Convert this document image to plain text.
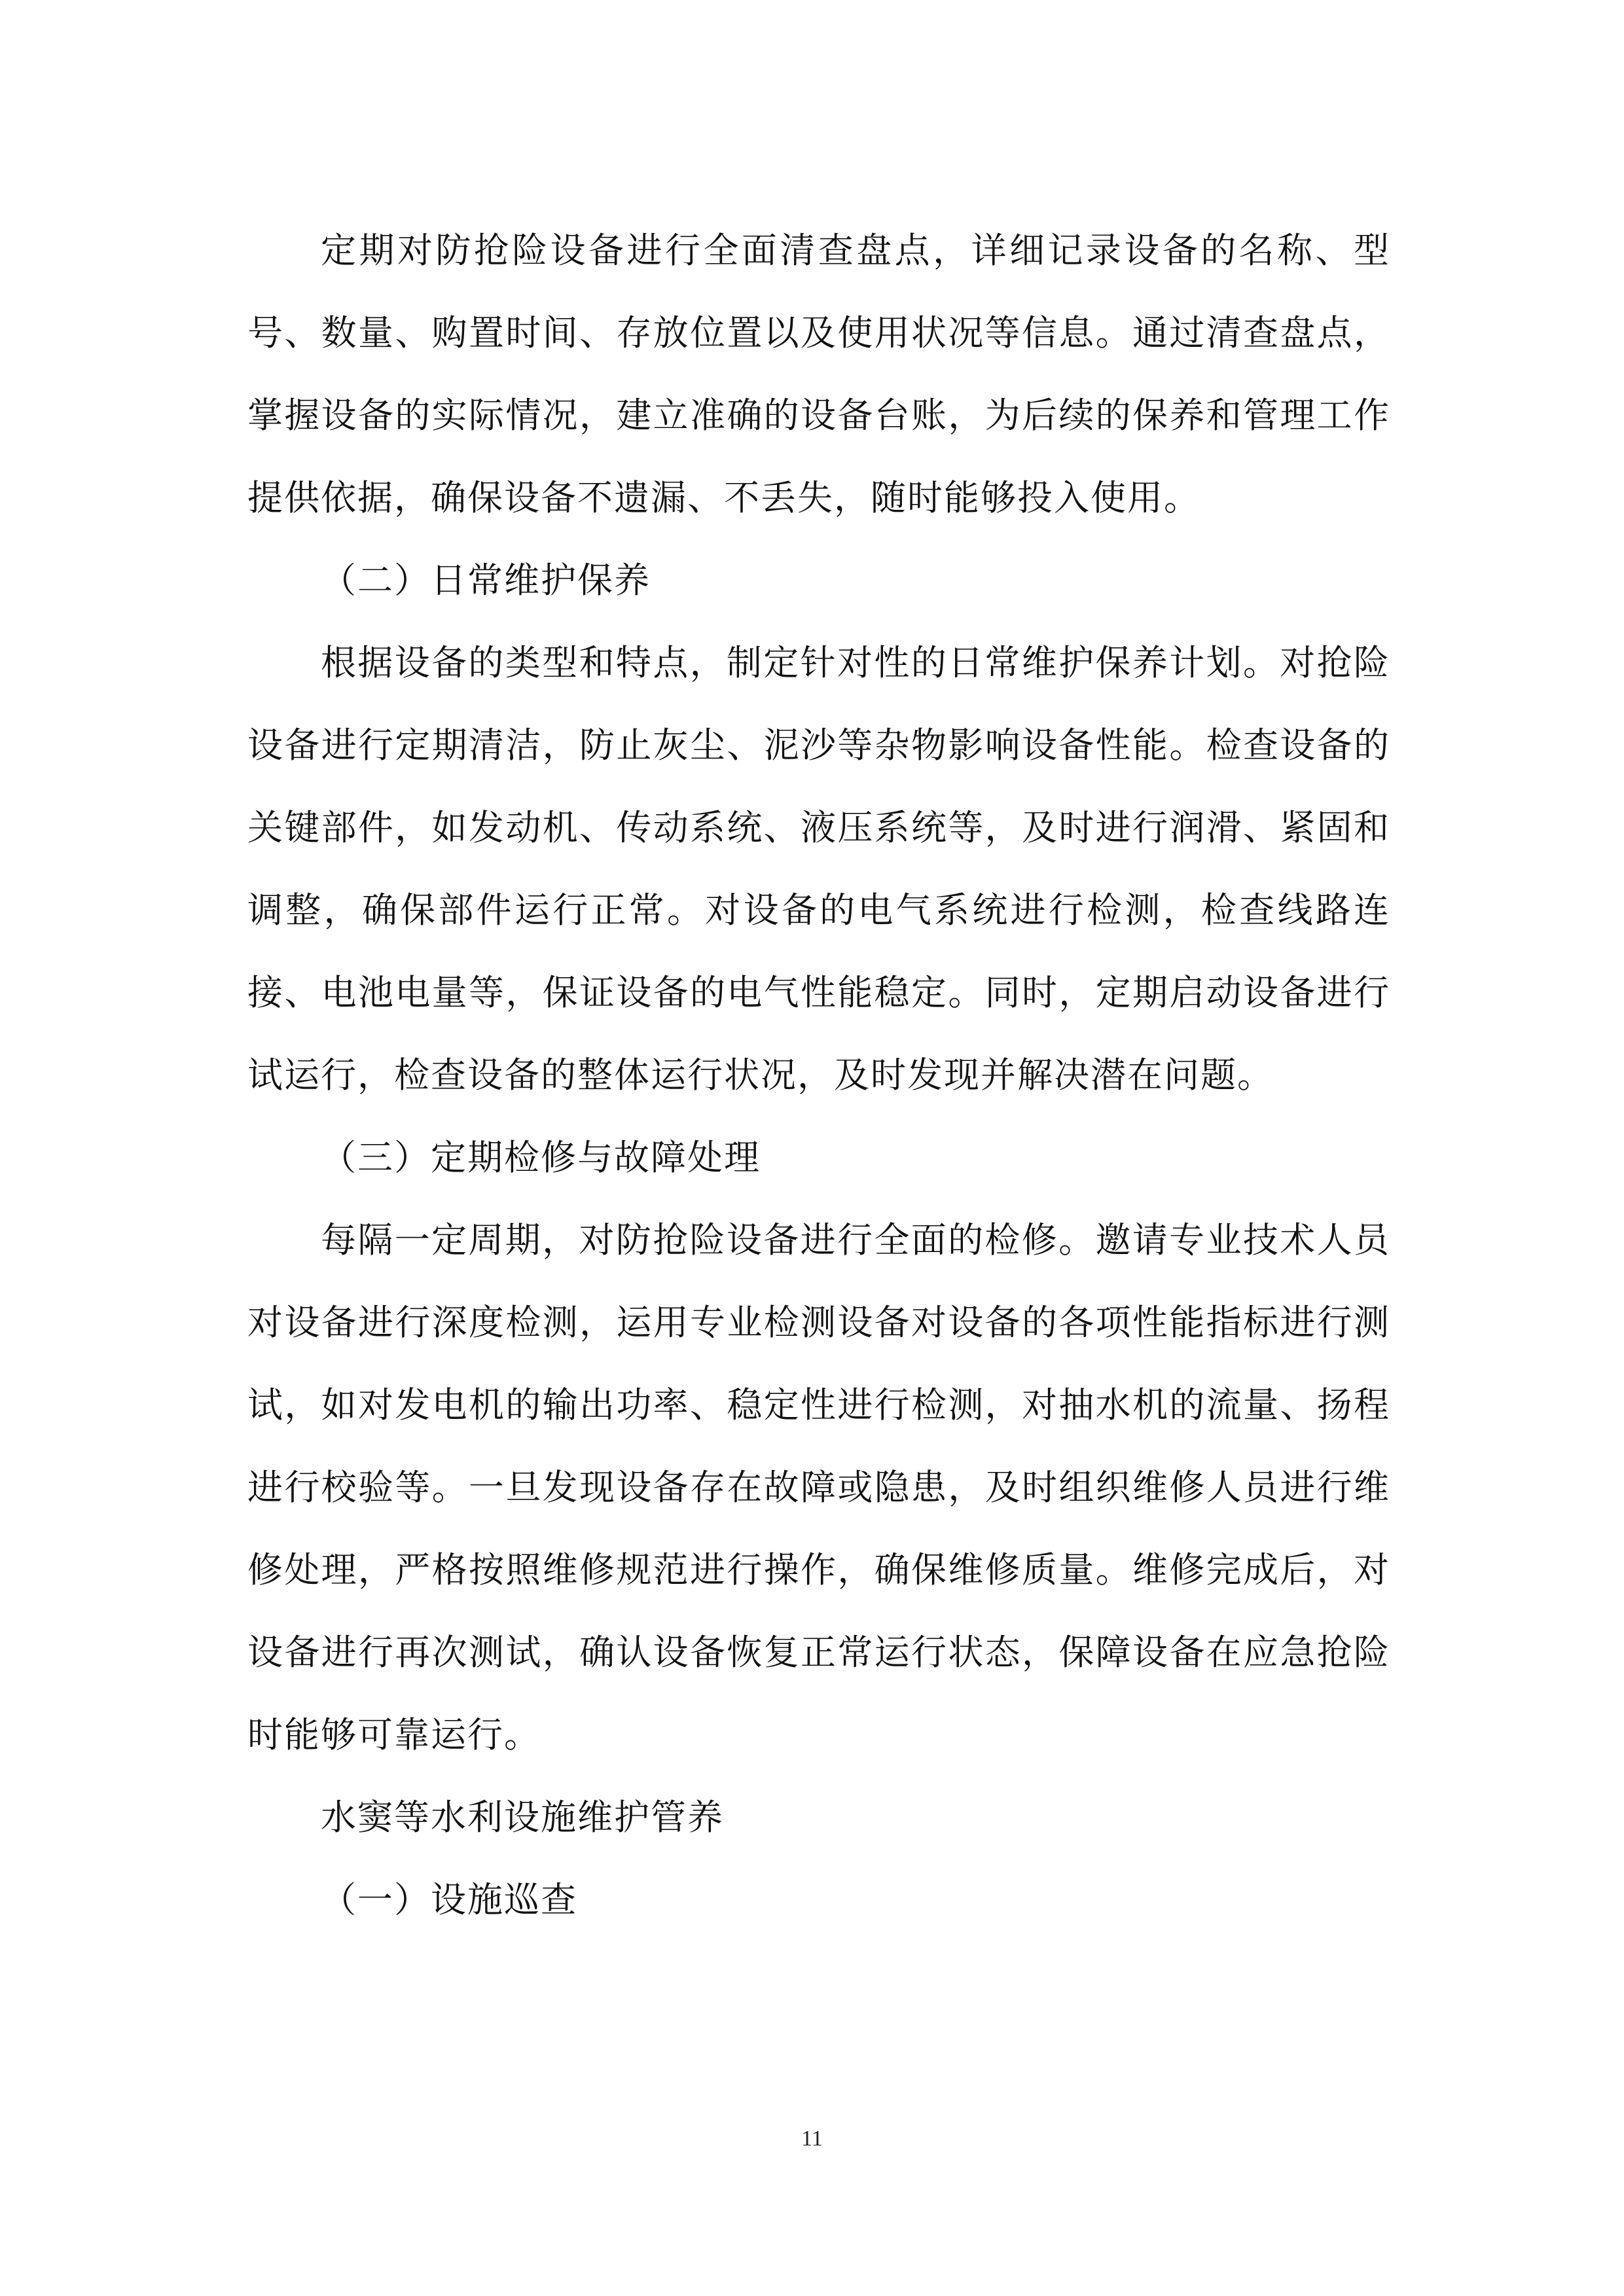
定期对防抢险设备进行全面清查盘点，详细记录设备的名称、型号、数量、购置时间、存放位置以及使用状况等信息。通过清查盘点，掌握设备的实际情况，建立准确的设备台账，为后续的保养和管理工作提供依据，确保设备不遗漏、不丢失，随时能够投入使用。

（二）日常维护保养

根据设备的类型和特点，制定针对性的日常维护保养计划。对抢险设备进行定期清洁，防止灰尘、泥沙等杂物影响设备性能。检查设备的关键部件，如发动机、传动系统、液压系统等，及时进行润滑、紧固和调整，确保部件运行正常。对设备的电气系统进行检测，检查线路连接、电池电量等，保证设备的电气性能稳定。同时，定期启动设备进行试运行，检查设备的整体运行状况，及时发现并解决潜在问题。

（三）定期检修与故障处理

每隔一定周期，对防抢险设备进行全面的检修。邀请专业技术人员对设备进行深度检测，运用专业检测设备对设备的各项性能指标进行测试，如对发电机的输出功率、稳定性进行检测，对抽水机的流量、扬程进行校验等。一旦发现设备存在故障或隐患，及时组织维修人员进行维修处理，严格按照维修规范进行操作，确保维修质量。维修完成后，对设备进行再次测试，确认设备恢复正常运行状态，保障设备在应急抢险时能够可靠运行。

水窦等水利设施维护管养

（一）设施巡查

11
